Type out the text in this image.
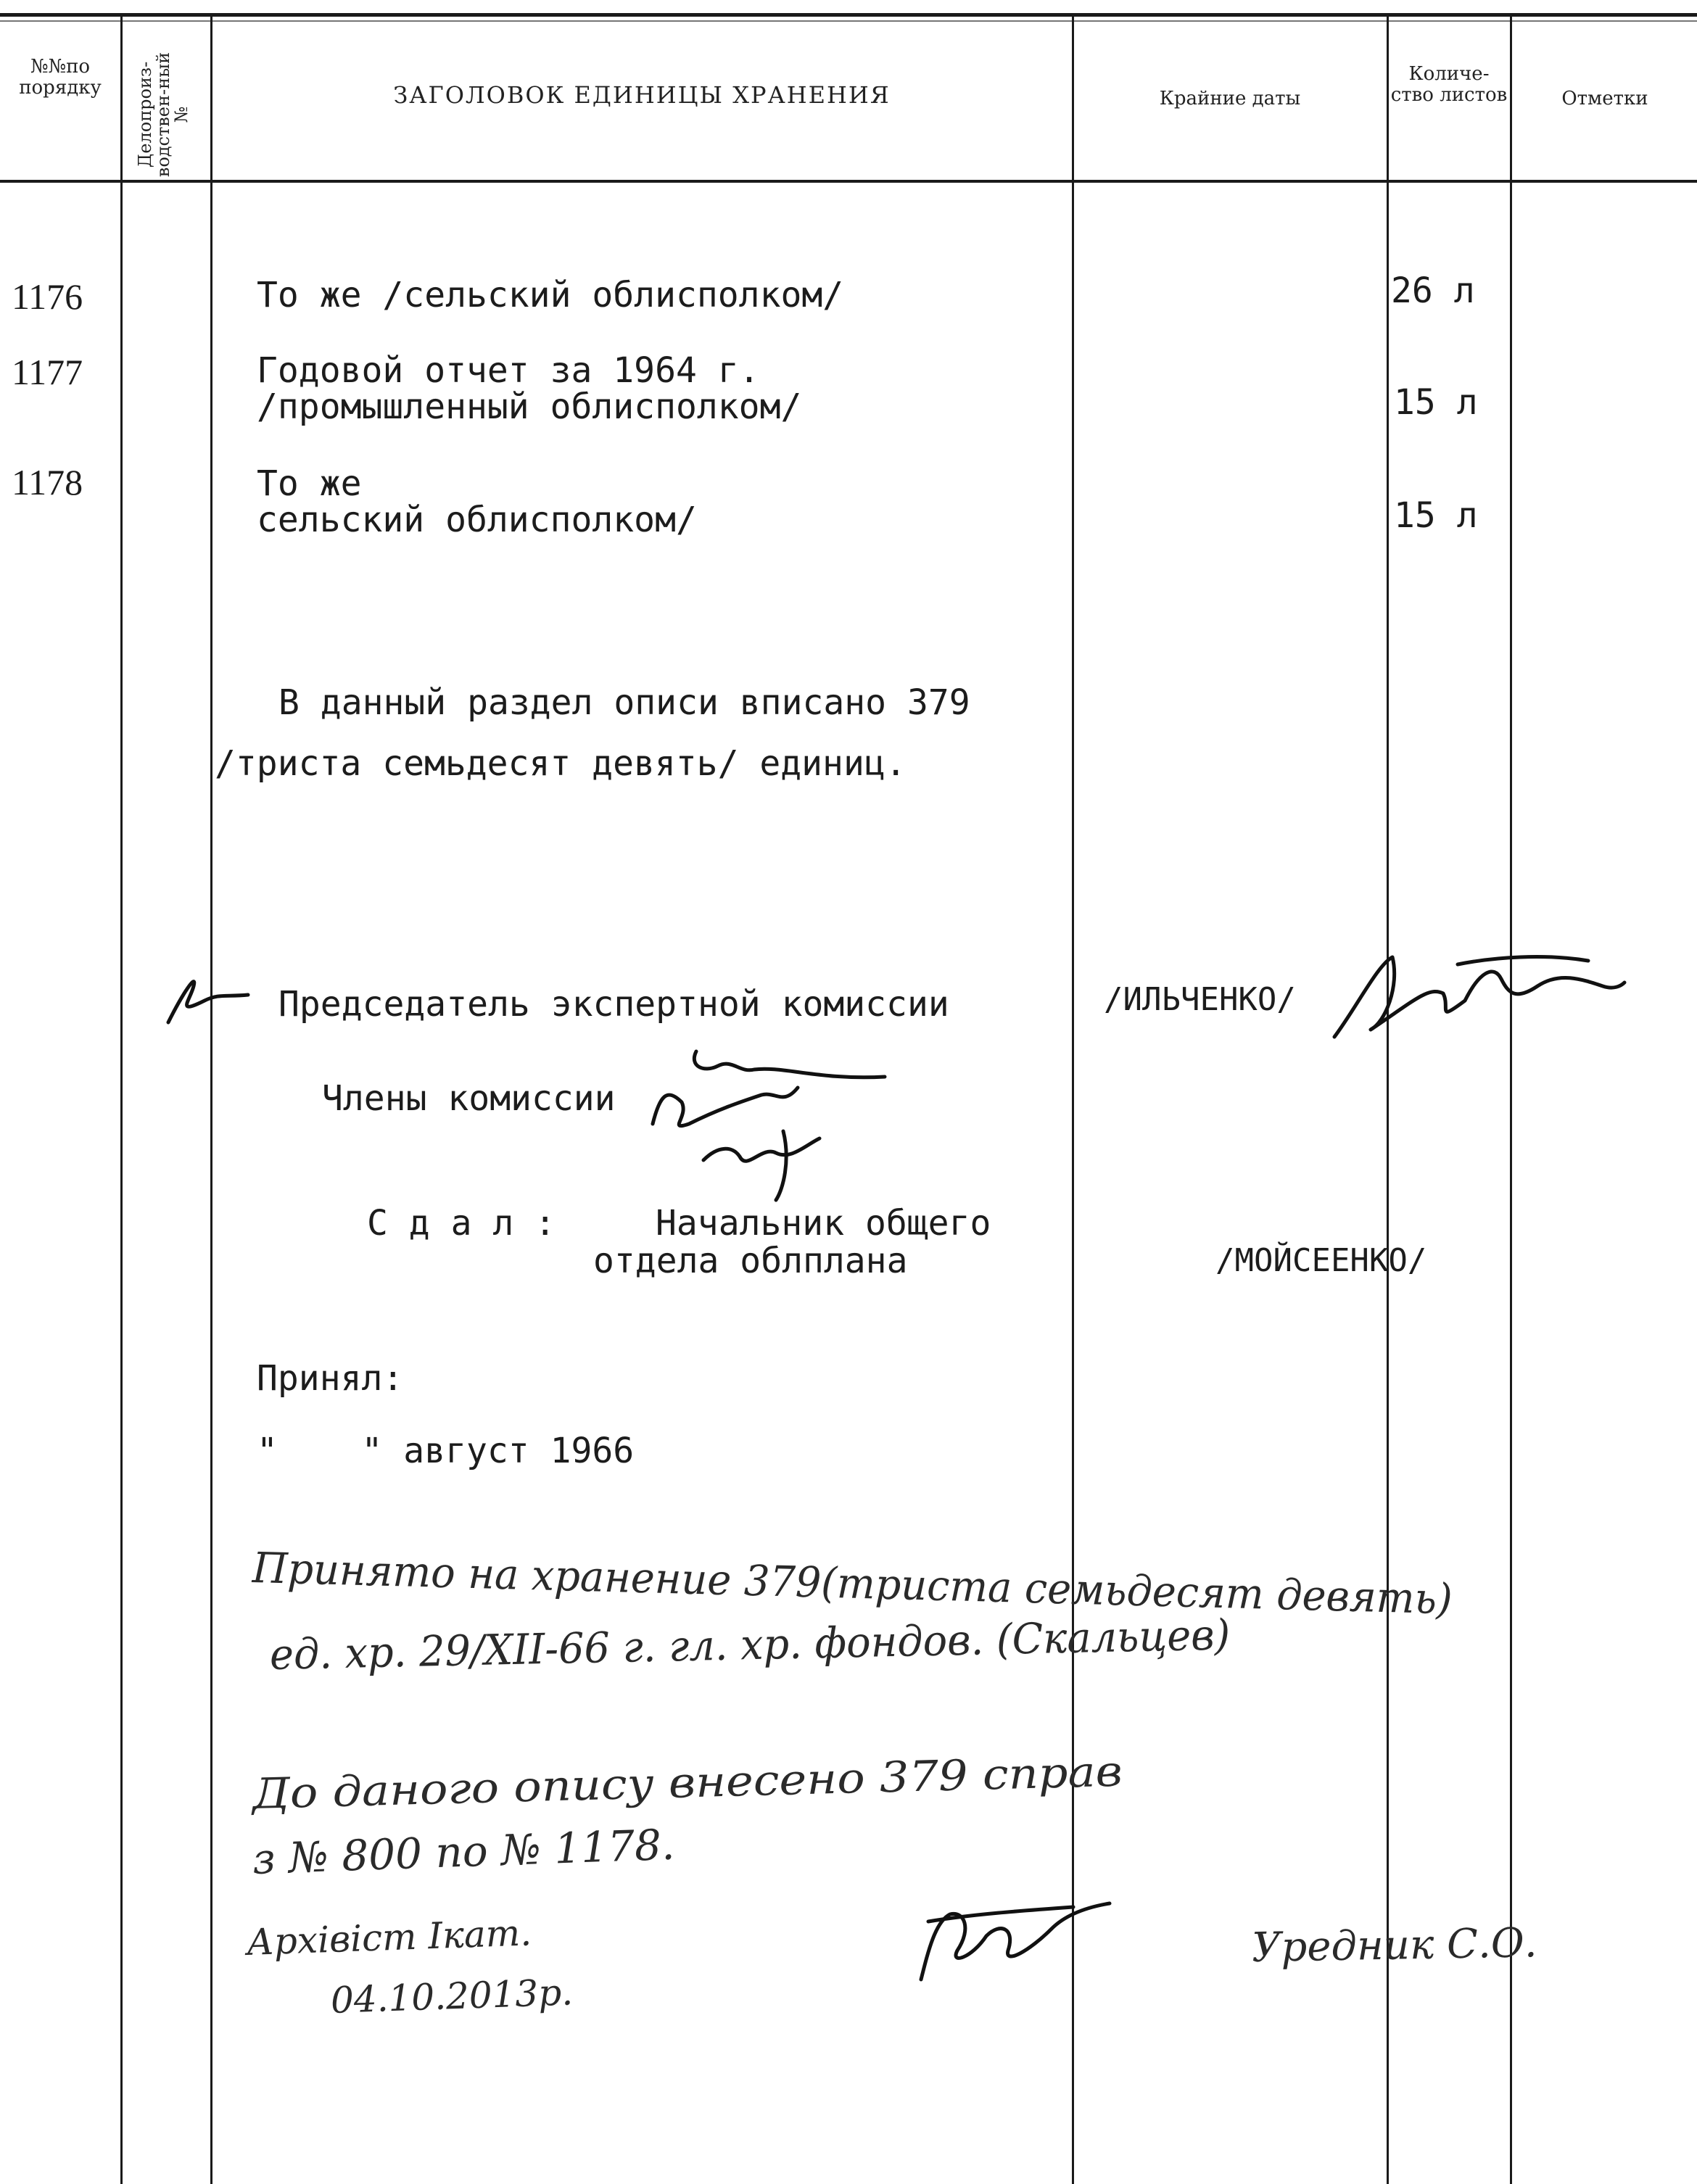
№№по порядку	Делопроиз-водствен-ный №
ЗАГОЛОВОК ЕДИНИЦЫ ХРАНЕНИЯ	Крайние даты
Количе-ство листов	Отметки
1176	То же /сельский облисполком/	26 л
1177	Годовой отчет за 1964 г.
/промышленный облисполком/	15 л
1178	То же
сельский облисполком/	15 л
В данный раздел описи вписано 379
/триста семьдесят девять/ единиц.
Председатель экспертной комиссии	/ИЛЬЧЕНКО/
Члены комиссии
С д а л :	Начальник общего
отдела облплана	/МОЙСЕЕНКО/
Принял:
"    " август 1966
Принято на хранение 379(триста семьдесят девять)
ед. хр. 29/XII-66 г. гл. хр. фондов. (Скальцев)
До даного опису внесено 379 справ
з № 800 по № 1178.
Архівіст Ікат.
04.10.2013р.
Уредник С.О.
